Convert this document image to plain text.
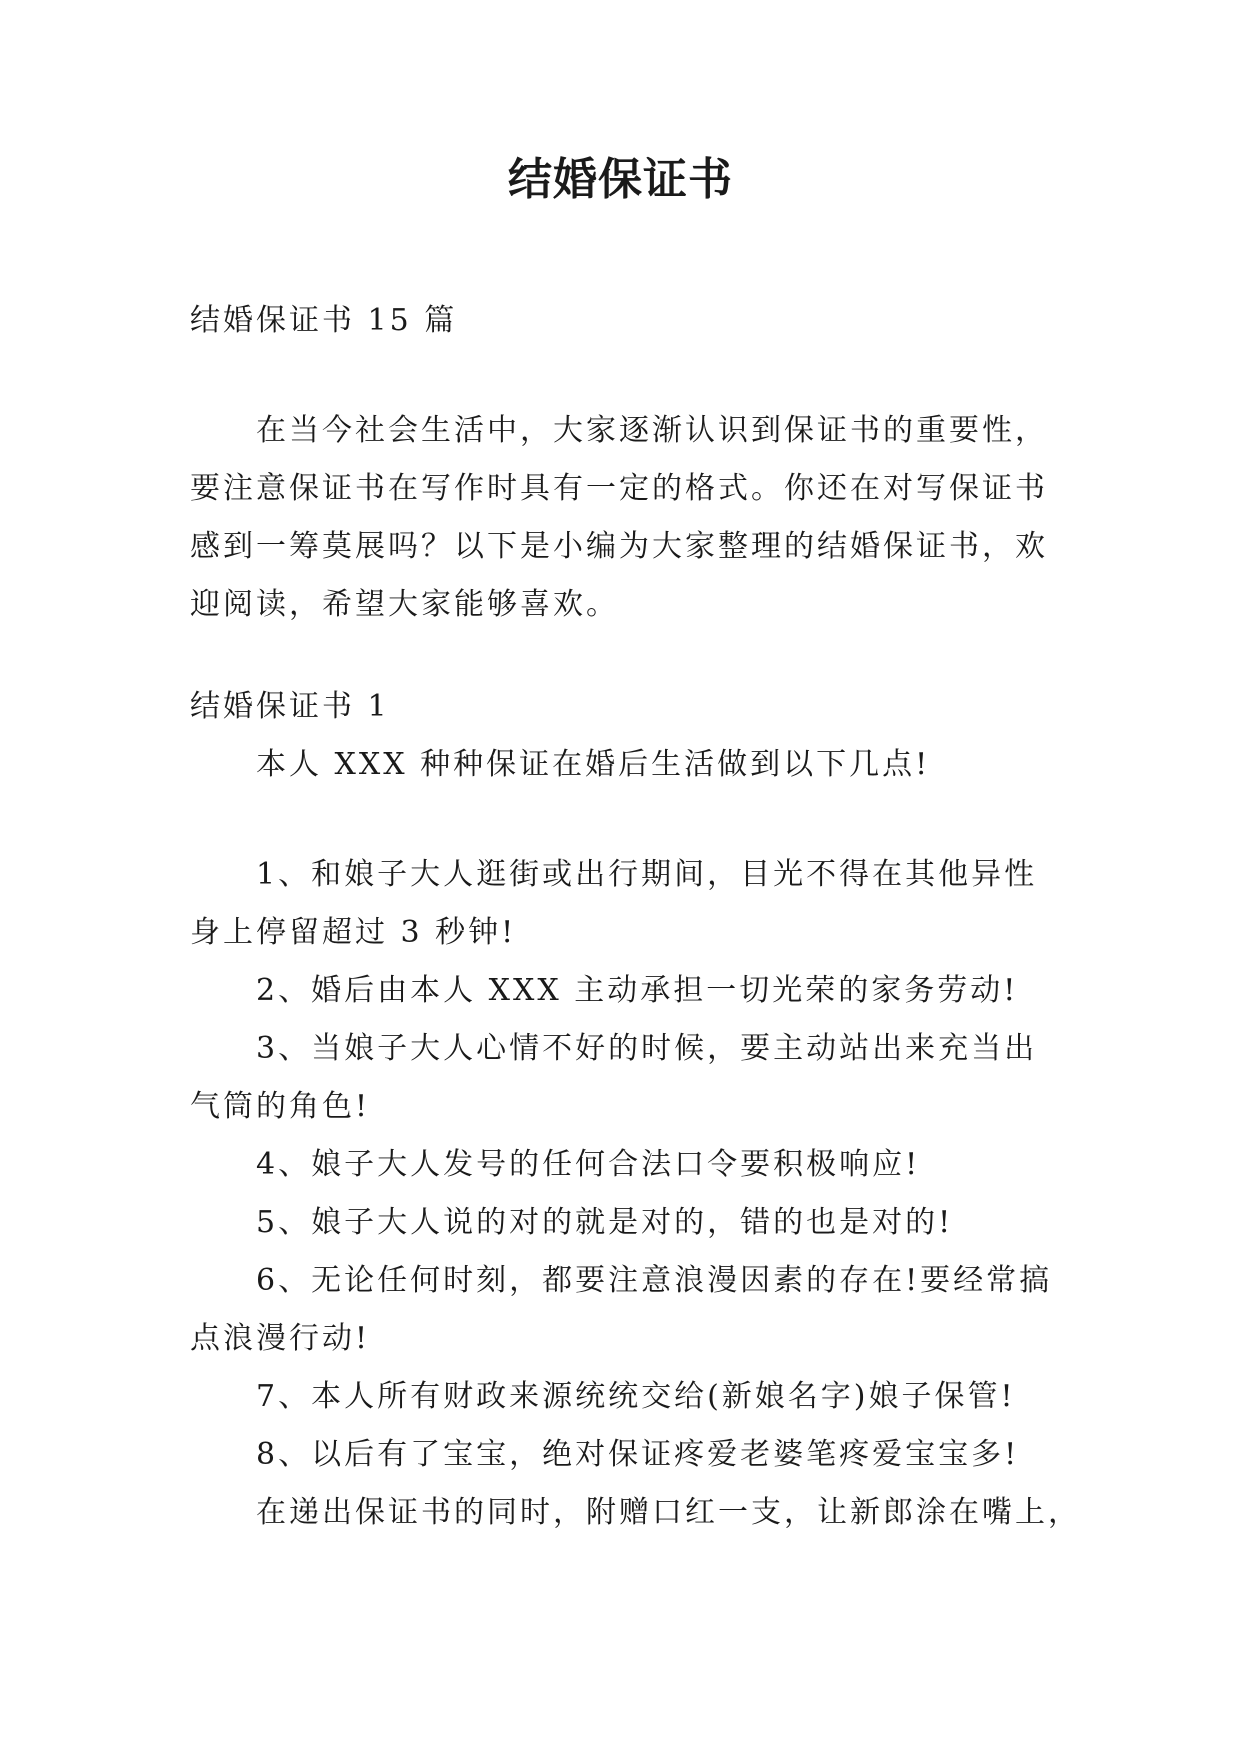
结婚保证书

结婚保证书 15 篇

在当今社会生活中，大家逐渐认识到保证书的重要性，

要注意保证书在写作时具有一定的格式。你还在对写保证书

感到一筹莫展吗？以下是小编为大家整理的结婚保证书，欢

迎阅读，希望大家能够喜欢。

结婚保证书 1

本人 XXX 种种保证在婚后生活做到以下几点!

1、和娘子大人逛街或出行期间，目光不得在其他异性

身上停留超过 3 秒钟!

2、婚后由本人 XXX 主动承担一切光荣的家务劳动!

3、当娘子大人心情不好的时候，要主动站出来充当出

气筒的角色!

4、娘子大人发号的任何合法口令要积极响应!

5、娘子大人说的对的就是对的，错的也是对的!

6、无论任何时刻，都要注意浪漫因素的存在!要经常搞

点浪漫行动!

7、本人所有财政来源统统交给(新娘名字)娘子保管!

8、以后有了宝宝，绝对保证疼爱老婆笔疼爱宝宝多!

在递出保证书的同时，附赠口红一支，让新郎涂在嘴上，
